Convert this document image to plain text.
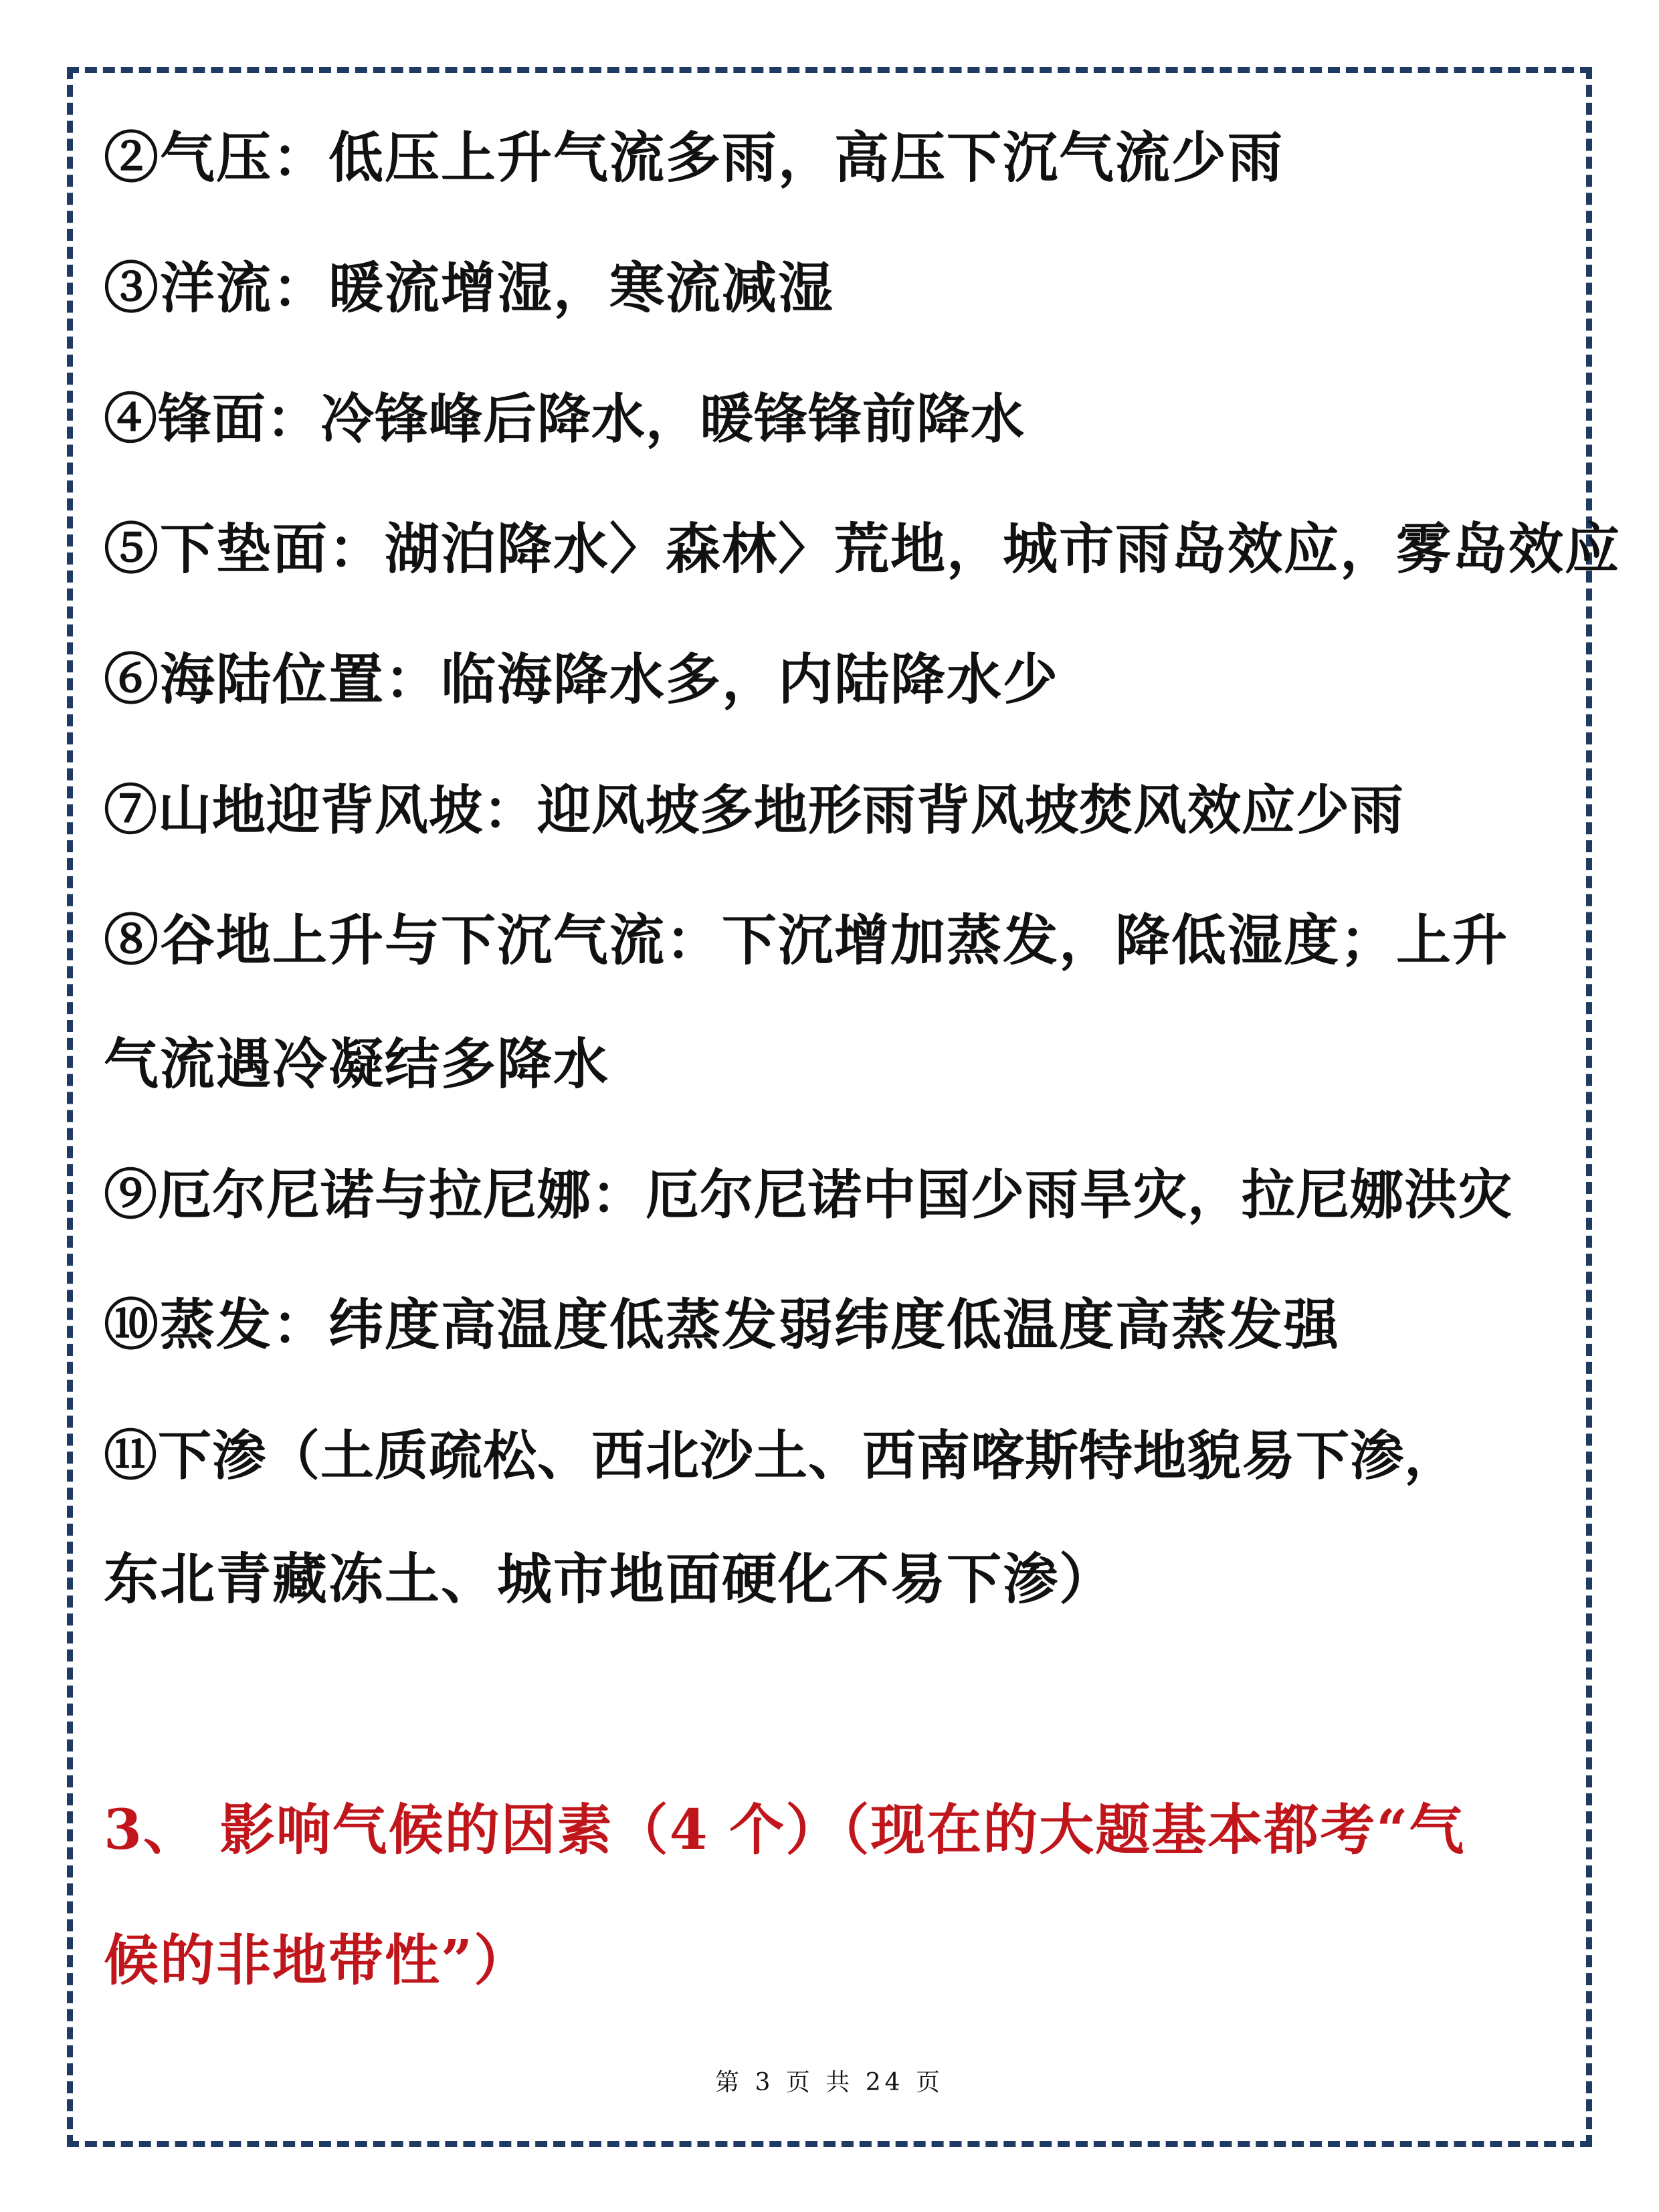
②气压：低压上升气流多雨，高压下沉气流少雨
③洋流：暖流增湿，寒流减湿
④锋面：冷锋峰后降水，暖锋锋前降水
⑤下垫面：湖泊降水〉森林〉荒地，城市雨岛效应，雾岛效应
⑥海陆位置：临海降水多，内陆降水少
⑦山地迎背风坡：迎风坡多地形雨背风坡焚风效应少雨
⑧谷地上升与下沉气流：下沉增加蒸发，降低湿度；上升
气流遇冷凝结多降水
⑨厄尔尼诺与拉尼娜：厄尔尼诺中国少雨旱灾，拉尼娜洪灾
⑩蒸发：纬度高温度低蒸发弱纬度低温度高蒸发强
⑪下渗（土质疏松、西北沙土、西南喀斯特地貌易下渗，
东北青藏冻土、城市地面硬化不易下渗）
3、 影响气候的因素（4 个）（现在的大题基本都考“气
候的非地带性”）
第 3 页 共 24 页
